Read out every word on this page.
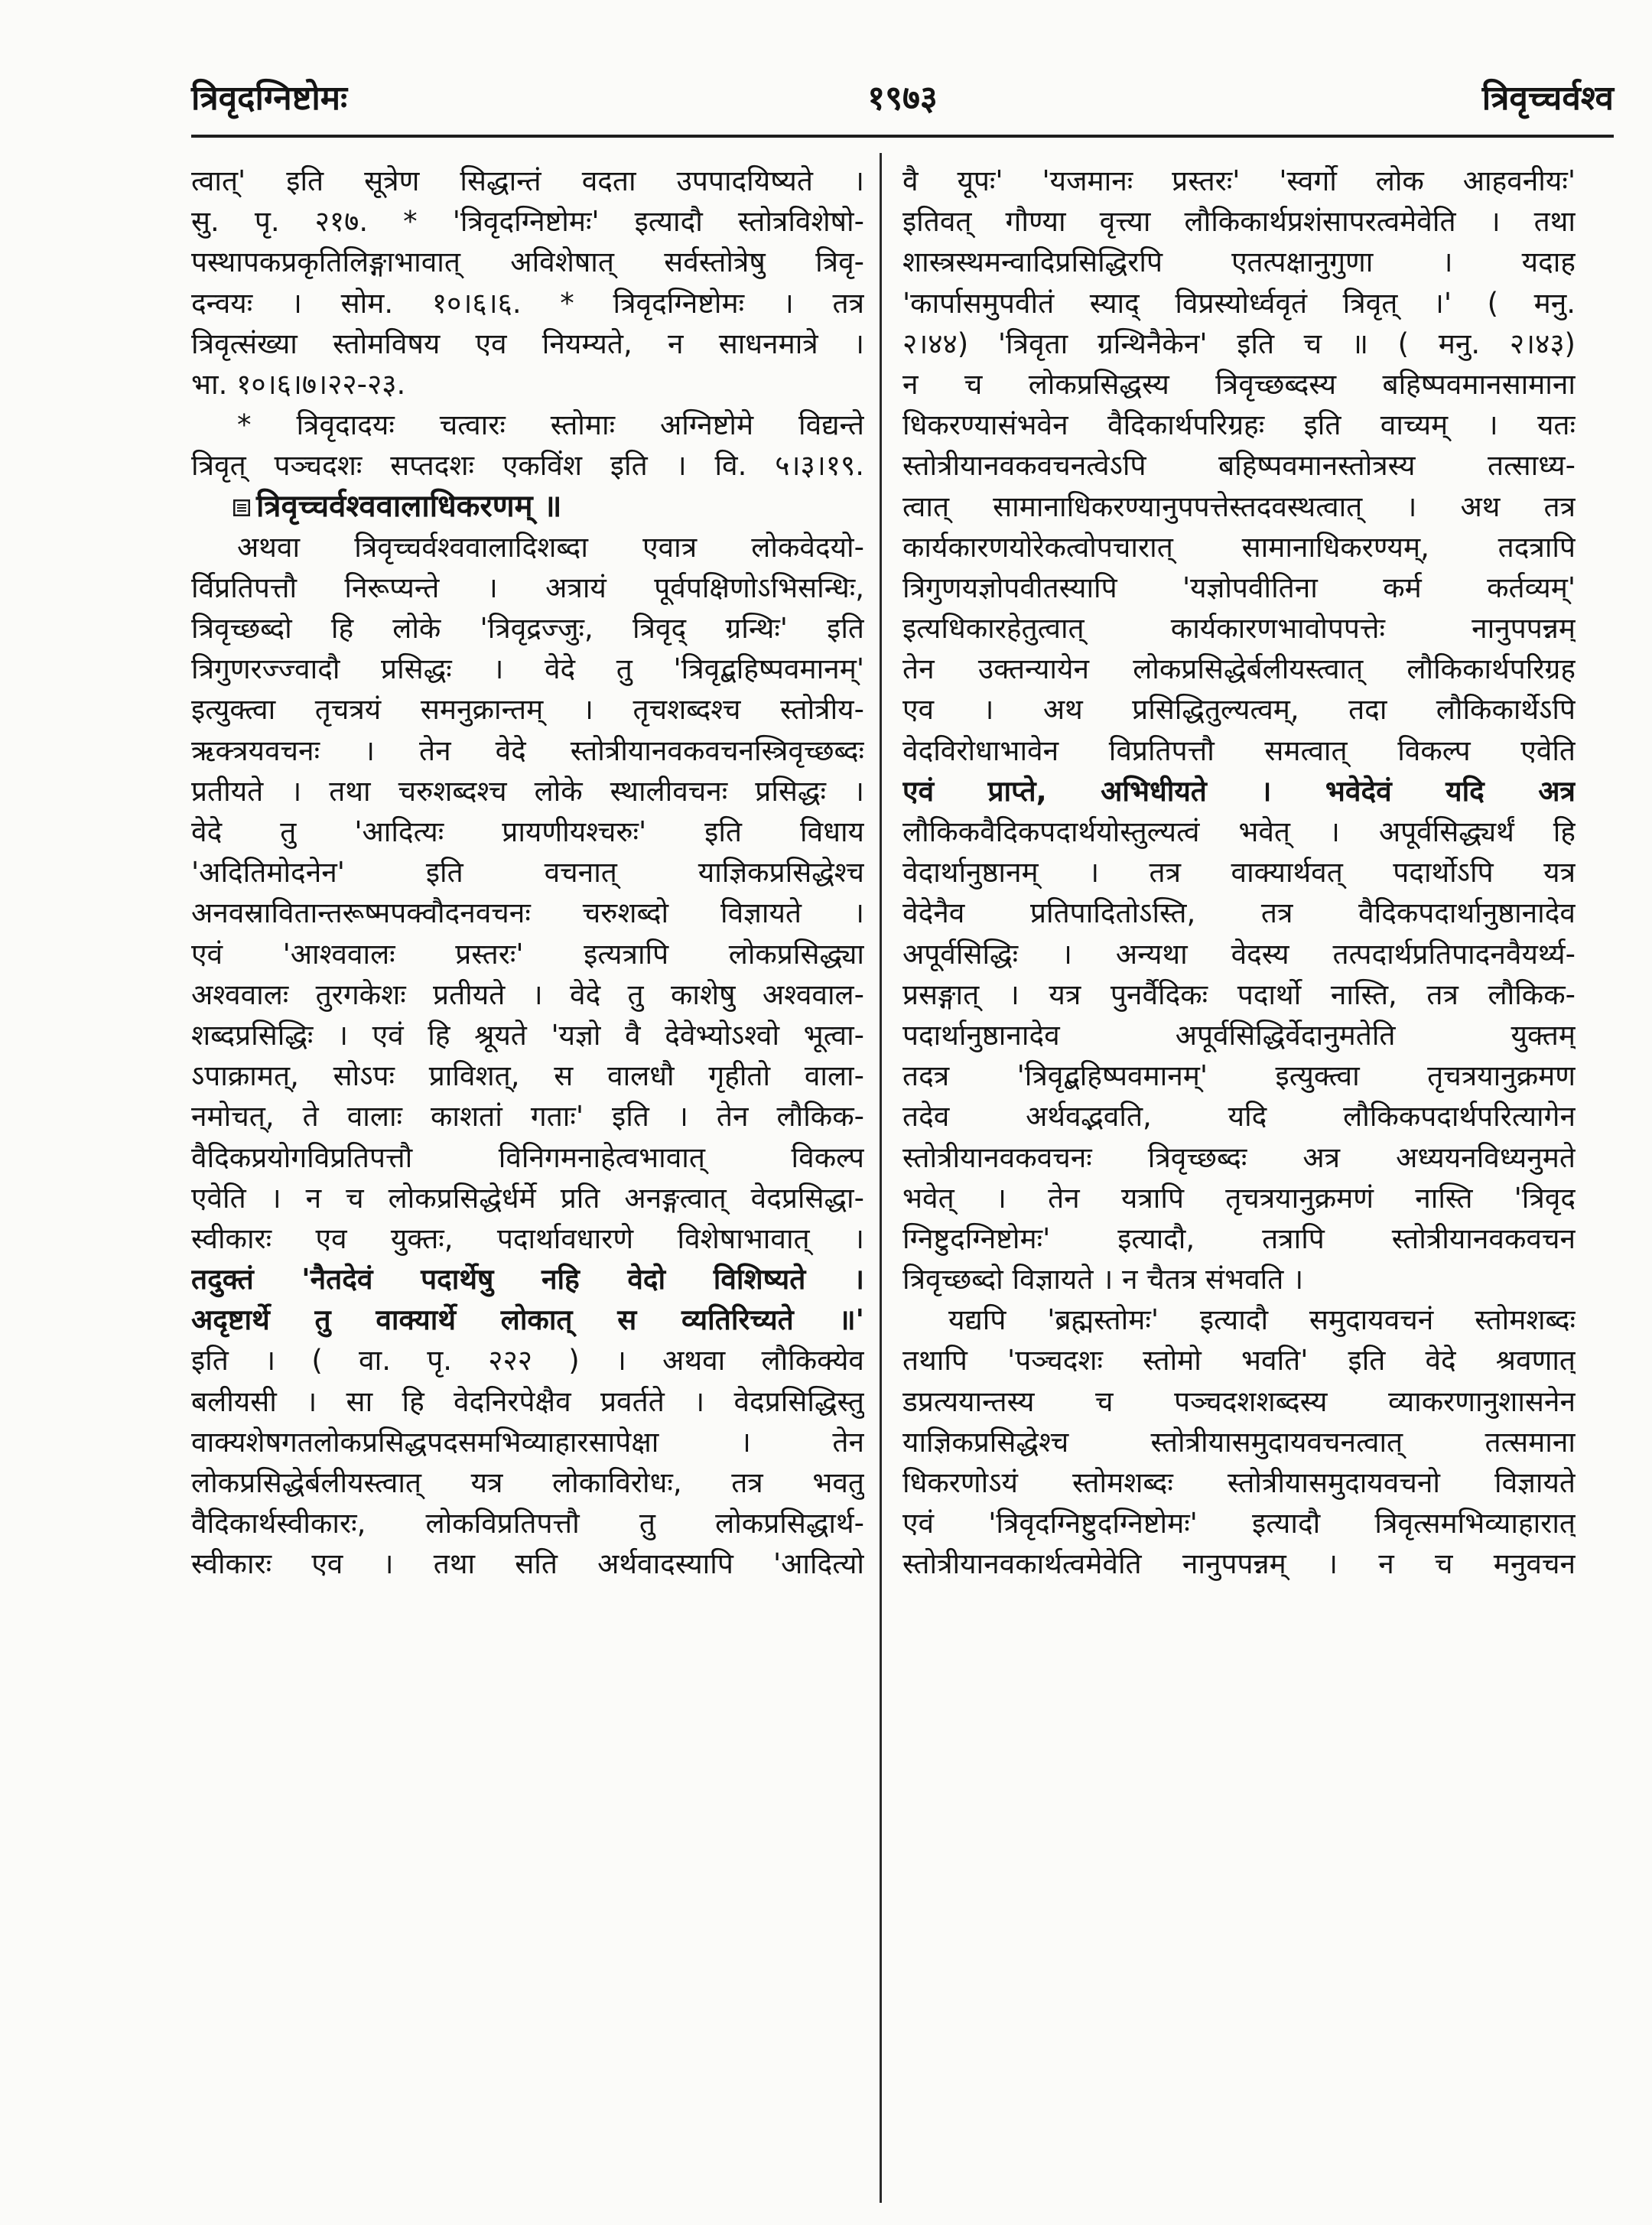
त्रिवृदग्निष्टोमः	१९७३	त्रिवृच्चर्वश्व
त्वात्' इति सूत्रेण सिद्धान्तं वदता उपपादयिष्यते ।
सु. पृ. २१७. * 'त्रिवृदग्निष्टोमः' इत्यादौ स्तोत्रविशेषो-
पस्थापकप्रकृतिलिङ्गाभावात् अविशेषात् सर्वस्तोत्रेषु त्रिवृ-
दन्वयः । सोम. १०।६।६. * त्रिवृदग्निष्टोमः । तत्र
त्रिवृत्संख्या स्तोमविषय एव नियम्यते, न साधनमात्रे ।
भा. १०।६।७।२२-२३.
* त्रिवृदादयः चत्वारः स्तोमाः अग्निष्टोमे विद्यन्ते
त्रिवृत् पञ्चदशः सप्तदशः एकविंश इति । वि. ५।३।१९.
त्रिवृच्चर्वश्ववालाधिकरणम् ॥
अथवा त्रिवृच्चर्वश्ववालादिशब्दा एवात्र लोकवेदयो-
र्विप्रतिपत्तौ निरूप्यन्ते । अत्रायं पूर्वपक्षिणोऽभिसन्धिः,
त्रिवृच्छब्दो हि लोके 'त्रिवृद्रज्जुः, त्रिवृद् ग्रन्थिः' इति
त्रिगुणरज्ज्वादौ प्रसिद्धः । वेदे तु 'त्रिवृद्बहिष्पवमानम्'
इत्युक्त्वा तृचत्रयं समनुक्रान्तम् । तृचशब्दश्च स्तोत्रीय-
ऋक्त्रयवचनः । तेन वेदे स्तोत्रीयानवकवचनस्त्रिवृच्छब्दः
प्रतीयते । तथा चरुशब्दश्च लोके स्थालीवचनः प्रसिद्धः ।
वेदे तु 'आदित्यः प्रायणीयश्चरुः' इति विधाय
'अदितिमोदनेन' इति वचनात् याज्ञिकप्रसिद्धेश्च
अनवस्रावितान्तरूष्मपक्वौदनवचनः चरुशब्दो विज्ञायते ।
एवं 'आश्ववालः प्रस्तरः' इत्यत्रापि लोकप्रसिद्ध्या
अश्ववालः तुरगकेशः प्रतीयते । वेदे तु काशेषु अश्ववाल-
शब्दप्रसिद्धिः । एवं हि श्रूयते 'यज्ञो वै देवेभ्योऽश्वो भूत्वा-
ऽपाक्रामत्, सोऽपः प्राविशत्, स वालधौ गृहीतो वाला-
नमोचत्, ते वालाः काशतां गताः' इति । तेन लौकिक-
वैदिकप्रयोगविप्रतिपत्तौ विनिगमनाहेत्वभावात् विकल्प
एवेति । न च लोकप्रसिद्धेर्धर्मे प्रति अनङ्गत्वात् वेदप्रसिद्धा-
स्वीकारः एव युक्तः, पदार्थावधारणे विशेषाभावात् ।
तदुक्तं 'नैतदेवं पदार्थेषु नहि वेदो विशिष्यते ।
अदृष्टार्थे तु वाक्यार्थे लोकात् स व्यतिरिच्यते ॥'
इति । ( वा. पृ. २२२ ) । अथवा लौकिक्येव
बलीयसी । सा हि वेदनिरपेक्षैव प्रवर्तते । वेदप्रसिद्धिस्तु
वाक्यशेषगतलोकप्रसिद्धपदसमभिव्याहारसापेक्षा । तेन
लोकप्रसिद्धेर्बलीयस्त्वात् यत्र लोकाविरोधः, तत्र भवतु
वैदिकार्थस्वीकारः, लोकविप्रतिपत्तौ तु लोकप्रसिद्धार्थ-
स्वीकारः एव । तथा सति अर्थवादस्यापि 'आदित्यो
वै यूपः' 'यजमानः प्रस्तरः' 'स्वर्गो लोक आहवनीयः'
इतिवत् गौण्या वृत्त्या लौकिकार्थप्रशंसापरत्वमेवेति । तथा
शास्त्रस्थमन्वादिप्रसिद्धिरपि एतत्पक्षानुगुणा । यदाह
'कार्पासमुपवीतं स्याद् विप्रस्योर्ध्ववृतं त्रिवृत् ।' ( मनु.
२।४४) 'त्रिवृता ग्रन्थिनैकेन' इति च ॥ ( मनु. २।४३)
न च लोकप्रसिद्धस्य त्रिवृच्छब्दस्य बहिष्पवमानसामाना
धिकरण्यासंभवेन वैदिकार्थपरिग्रहः इति वाच्यम् । यतः
स्तोत्रीयानवकवचनत्वेऽपि बहिष्पवमानस्तोत्रस्य तत्साध्य-
त्वात् सामानाधिकरण्यानुपपत्तेस्तदवस्थत्वात् । अथ तत्र
कार्यकारणयोरेकत्वोपचारात् सामानाधिकरण्यम्, तदत्रापि
त्रिगुणयज्ञोपवीतस्यापि 'यज्ञोपवीतिना कर्म कर्तव्यम्'
इत्यधिकारहेतुत्वात् कार्यकारणभावोपपत्तेः नानुपपन्नम्
तेन उक्तन्यायेन लोकप्रसिद्धेर्बलीयस्त्वात् लौकिकार्थपरिग्रह
एव । अथ प्रसिद्धितुल्यत्वम्, तदा लौकिकार्थेऽपि
वेदविरोधाभावेन विप्रतिपत्तौ समत्वात् विकल्प एवेति
एवं प्राप्ते, अभिधीयते । भवेदेवं यदि अत्र
लौकिकवैदिकपदार्थयोस्तुल्यत्वं भवेत् । अपूर्वसिद्ध्यर्थं हि
वेदार्थानुष्ठानम् । तत्र वाक्यार्थवत् पदार्थोऽपि यत्र
वेदेनैव प्रतिपादितोऽस्ति, तत्र वैदिकपदार्थानुष्ठानादेव
अपूर्वसिद्धिः । अन्यथा वेदस्य तत्पदार्थप्रतिपादनवैयर्थ्य-
प्रसङ्गात् । यत्र पुनर्वैदिकः पदार्थो नास्ति, तत्र लौकिक-
पदार्थानुष्ठानादेव अपूर्वसिद्धिर्वेदानुमतेति युक्तम्
तदत्र 'त्रिवृद्बहिष्पवमानम्' इत्युक्त्वा तृचत्रयानुक्रमण
तदेव अर्थवद्भवति, यदि लौकिकपदार्थपरित्यागेन
स्तोत्रीयानवकवचनः त्रिवृच्छब्दः अत्र अध्ययनविध्यनुमते
भवेत् । तेन यत्रापि तृचत्रयानुक्रमणं नास्ति 'त्रिवृद
ग्निष्टुदग्निष्टोमः' इत्यादौ, तत्रापि स्तोत्रीयानवकवचन
त्रिवृच्छब्दो विज्ञायते । न चैतत्र संभवति ।
यद्यपि 'ब्रह्मस्तोमः' इत्यादौ समुदायवचनं स्तोमशब्दः
तथापि 'पञ्चदशः स्तोमो भवति' इति वेदे श्रवणात्
डप्रत्ययान्तस्य च पञ्चदशशब्दस्य व्याकरणानुशासनेन
याज्ञिकप्रसिद्धेश्च स्तोत्रीयासमुदायवचनत्वात् तत्समाना
धिकरणोऽयं स्तोमशब्दः स्तोत्रीयासमुदायवचनो विज्ञायते
एवं 'त्रिवृदग्निष्टुदग्निष्टोमः' इत्यादौ त्रिवृत्समभिव्याहारात्
स्तोत्रीयानवकार्थत्वमेवेति नानुपपन्नम् । न च मनुवचन
